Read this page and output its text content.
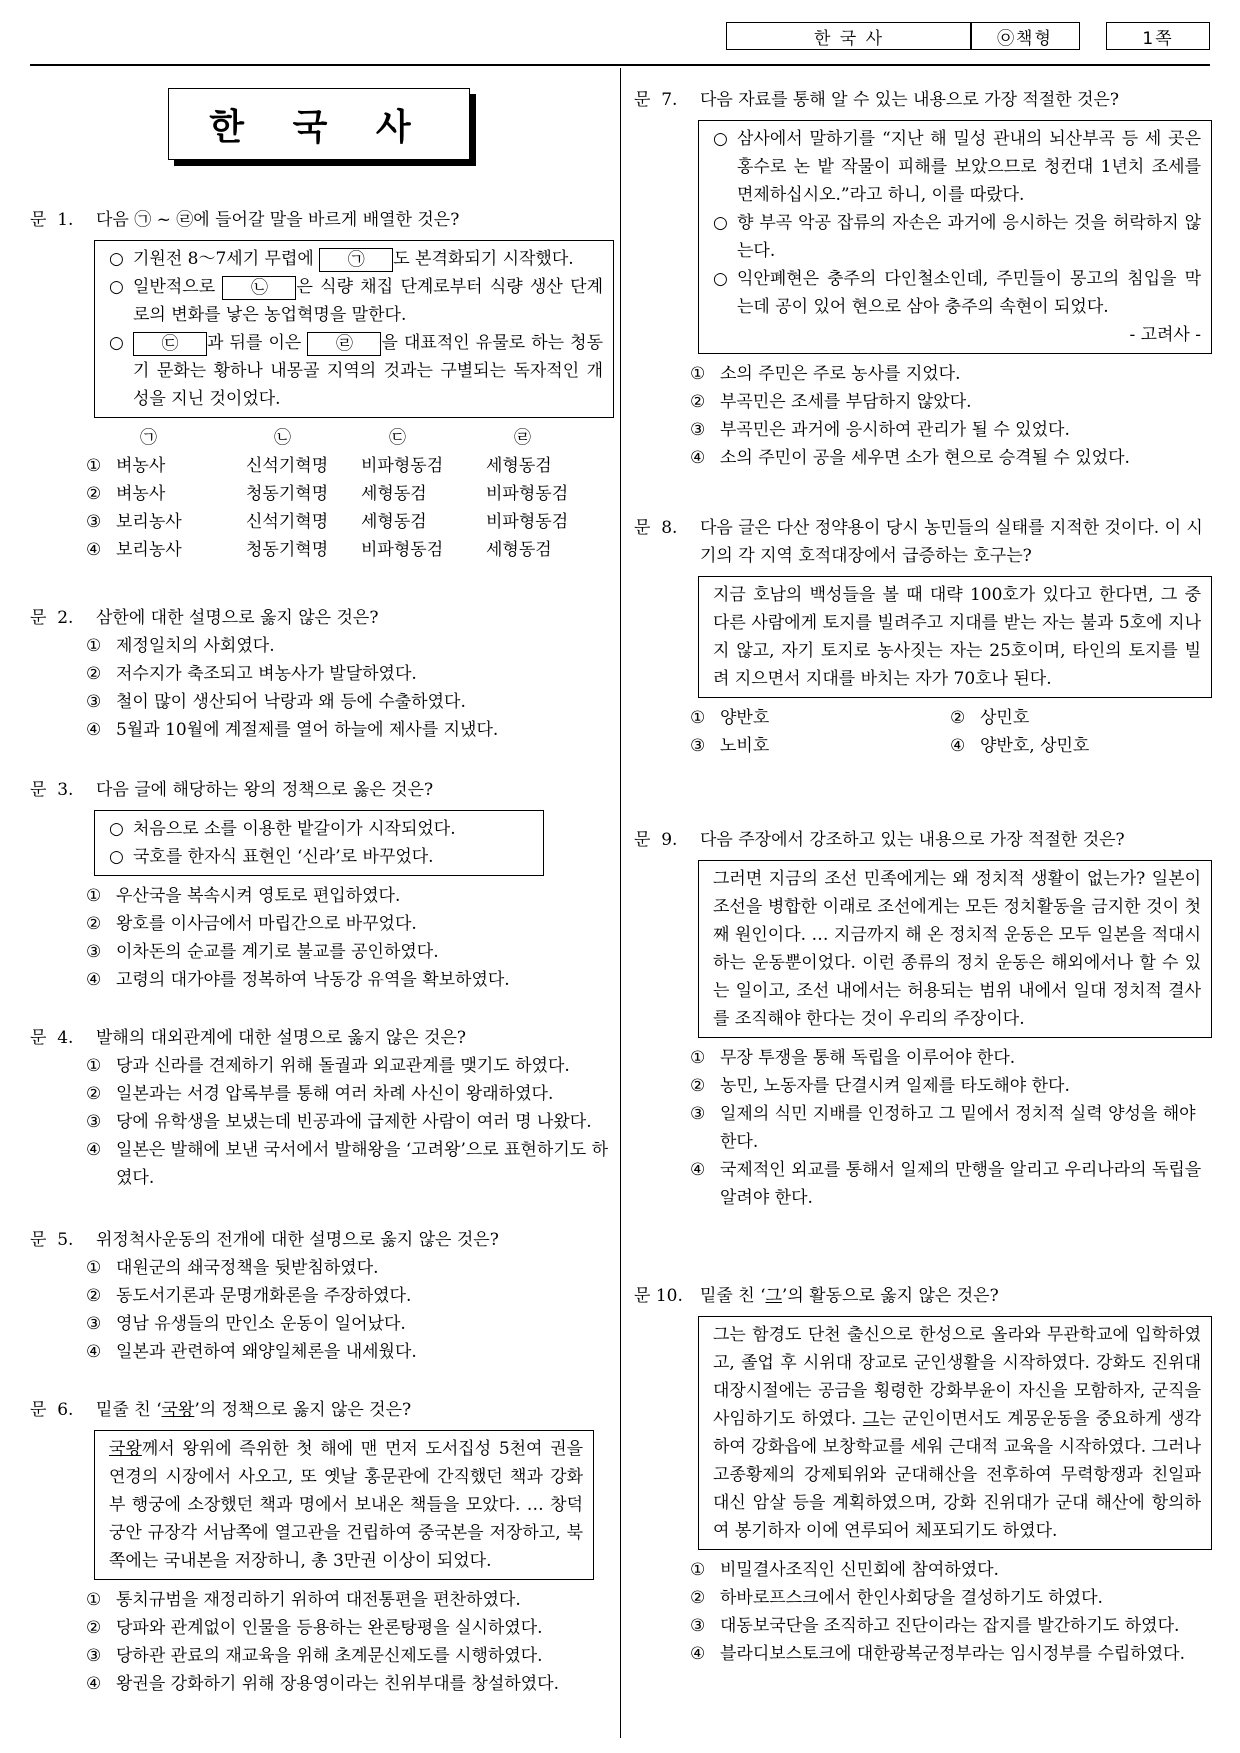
한 국 사	㉧책형	1쪽
한 국 사
문  1.	다음 ㉠ ~ ㉣에 들어갈 말을 바르게 배열한 것은?
○ 기원전 8～7세기 무렵에 ㉠ 도 본격화되기 시작했다.
○ 일반적으로 ㉡ 은 식량 채집 단계로부터 식량 생산 단계로의 변화를 낳은 농업혁명을 말한다.
○	㉢ 과 뒤를 이은 ㉣ 을 대표적인 유물로 하는 청동기 문화는 황하나 내몽골 지역의 것과는 구별되는 독자적인 개성을 지닌 것이었다.
㉠	㉡	㉢	㉣
① 벼농사	신석기혁명	비파형동검	세형동검
② 벼농사	청동기혁명	세형동검	비파형동검
③ 보리농사	신석기혁명	세형동검	비파형동검
④ 보리농사	청동기혁명	비파형동검	세형동검
문  2.	삼한에 대한 설명으로 옳지 않은 것은?
① 제정일치의 사회였다.
② 저수지가 축조되고 벼농사가 발달하였다.
③ 철이 많이 생산되어 낙랑과 왜 등에 수출하였다.
④ 5월과 10월에 계절제를 열어 하늘에 제사를 지냈다.
문  3.	다음 글에 해당하는 왕의 정책으로 옳은 것은?
○ 처음으로 소를 이용한 밭갈이가 시작되었다.
○ 국호를 한자식 표현인 ‘신라’로 바꾸었다.
① 우산국을 복속시켜 영토로 편입하였다.
② 왕호를 이사금에서 마립간으로 바꾸었다.
③ 이차돈의 순교를 계기로 불교를 공인하였다.
④ 고령의 대가야를 정복하여 낙동강 유역을 확보하였다.
문  4.	발해의 대외관계에 대한 설명으로 옳지 않은 것은?
① 당과 신라를 견제하기 위해 돌궐과 외교관계를 맺기도 하였다.
② 일본과는 서경 압록부를 통해 여러 차례 사신이 왕래하였다.
③ 당에 유학생을 보냈는데 빈공과에 급제한 사람이 여러 명 나왔다.
④ 일본은 발해에 보낸 국서에서 발해왕을 ‘고려왕’으로 표현하기도 하였다.
문  5.	위정척사운동의 전개에 대한 설명으로 옳지 않은 것은?
① 대원군의 쇄국정책을 뒷받침하였다.
② 동도서기론과 문명개화론을 주장하였다.
③ 영남 유생들의 만인소 운동이 일어났다.
④ 일본과 관련하여 왜양일체론을 내세웠다.
문  6.	밑줄 친 ‘국왕’의 정책으로 옳지 않은 것은?
국왕께서 왕위에 즉위한 첫 해에 맨 먼저 도서집성 5천여 권을 연경의 시장에서 사오고, 또 옛날 홍문관에 간직했던 책과 강화부 행궁에 소장했던 책과 명에서 보내온 책들을 모았다. … 창덕궁안 규장각 서남쪽에 열고관을 건립하여 중국본을 저장하고, 북쪽에는 국내본을 저장하니, 총 3만권 이상이 되었다.
① 통치규범을 재정리하기 위하여 대전통편을 편찬하였다.
② 당파와 관계없이 인물을 등용하는 완론탕평을 실시하였다.
③ 당하관 관료의 재교육을 위해 초계문신제도를 시행하였다.
④ 왕권을 강화하기 위해 장용영이라는 친위부대를 창설하였다.
문  7.	다음 자료를 통해 알 수 있는 내용으로 가장 적절한 것은?
○ 삼사에서 말하기를 “지난 해 밀성 관내의 뇌산부곡 등 세 곳은 홍수로 논 밭 작물이 피해를 보았으므로 청컨대 1년치 조세를 면제하십시오.”라고 하니, 이를 따랐다.
○ 향 부곡 악공 잡류의 자손은 과거에 응시하는 것을 허락하지 않는다.
○ 익안폐현은 충주의 다인철소인데, 주민들이 몽고의 침입을 막는데 공이 있어 현으로 삼아 충주의 속현이 되었다.
- 고려사 -
① 소의 주민은 주로 농사를 지었다.
② 부곡민은 조세를 부담하지 않았다.
③ 부곡민은 과거에 응시하여 관리가 될 수 있었다.
④ 소의 주민이 공을 세우면 소가 현으로 승격될 수 있었다.
문  8.	다음 글은 다산 정약용이 당시 농민들의 실태를 지적한 것이다. 이 시기의 각 지역 호적대장에서 급증하는 호구는?
지금 호남의 백성들을 볼 때 대략 100호가 있다고 한다면, 그 중 다른 사람에게 토지를 빌려주고 지대를 받는 자는 불과 5호에 지나지 않고, 자기 토지로 농사짓는 자는 25호이며, 타인의 토지를 빌려 지으면서 지대를 바치는 자가 70호나 된다.
① 양반호	② 상민호
③ 노비호	④ 양반호, 상민호
문  9.	다음 주장에서 강조하고 있는 내용으로 가장 적절한 것은?
그러면 지금의 조선 민족에게는 왜 정치적 생활이 없는가? 일본이 조선을 병합한 이래로 조선에게는 모든 정치활동을 금지한 것이 첫째 원인이다. … 지금까지 해 온 정치적 운동은 모두 일본을 적대시하는 운동뿐이었다. 이런 종류의 정치 운동은 해외에서나 할 수 있는 일이고, 조선 내에서는 허용되는 범위 내에서 일대 정치적 결사를 조직해야 한다는 것이 우리의 주장이다.
① 무장 투쟁을 통해 독립을 이루어야 한다.
② 농민, 노동자를 단결시켜 일제를 타도해야 한다.
③ 일제의 식민 지배를 인정하고 그 밑에서 정치적 실력 양성을 해야 한다.
④ 국제적인 외교를 통해서 일제의 만행을 알리고 우리나라의 독립을 알려야 한다.
문 10.	밑줄 친 ‘그’의 활동으로 옳지 않은 것은?
그는 함경도 단천 출신으로 한성으로 올라와 무관학교에 입학하였고, 졸업 후 시위대 장교로 군인생활을 시작하였다. 강화도 진위대 대장시절에는 공금을 횡령한 강화부윤이 자신을 모함하자, 군직을 사임하기도 하였다. 그는 군인이면서도 계몽운동을 중요하게 생각하여 강화읍에 보창학교를 세워 근대적 교육을 시작하였다. 그러나 고종황제의 강제퇴위와 군대해산을 전후하여 무력항쟁과 친일파 대신 암살 등을 계획하였으며, 강화 진위대가 군대 해산에 항의하여 봉기하자 이에 연루되어 체포되기도 하였다.
① 비밀결사조직인 신민회에 참여하였다.
② 하바로프스크에서 한인사회당을 결성하기도 하였다.
③ 대동보국단을 조직하고 진단이라는 잡지를 발간하기도 하였다.
④ 블라디보스토크에 대한광복군정부라는 임시정부를 수립하였다.
